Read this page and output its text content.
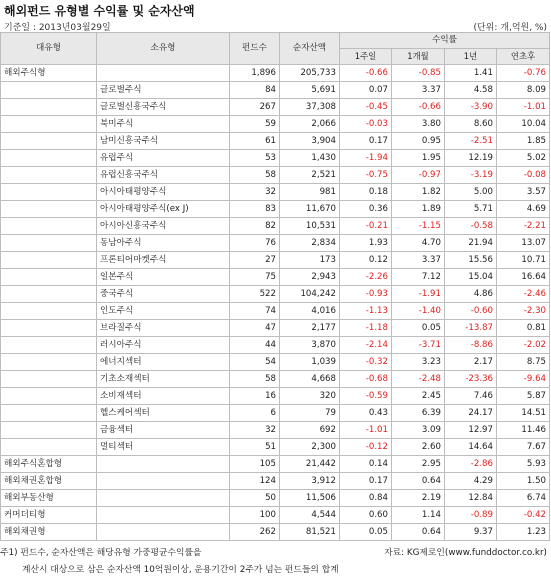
해외펀드 유형별 수익률 및 순자산액
기준일 : 2013년03월29일	(단위: 개,억원, %)
대유형	소유형	펀드수	순자산액	수익률			
				1주일	1개월	1년	연초후
해외주식형		1,896	205,733	-0.66	-0.85	1.41	-0.76
	글로벌주식	84	5,691	0.07	3.37	4.58	8.09
	글로벌신흥국주식	267	37,308	-0.45	-0.66	-3.90	-1.01
	북미주식	59	2,066	-0.03	3.80	8.60	10.04
	남미신흥국주식	61	3,904	0.17	0.95	-2.51	1.85
	유럽주식	53	1,430	-1.94	1.95	12.19	5.02
	유럽신흥국주식	58	2,521	-0.75	-0.97	-3.19	-0.08
	아시아태평양주식	32	981	0.18	1.82	5.00	3.57
	아시아태평양주식(ex J)	83	11,670	0.36	1.89	5.71	4.69
	아시아신흥국주식	82	10,531	-0.21	-1.15	-0.58	-2.21
	동남아주식	76	2,834	1.93	4.70	21.94	13.07
	프론티어마켓주식	27	173	0.12	3.37	15.56	10.71
	일본주식	75	2,943	-2.26	7.12	15.04	16.64
	중국주식	522	104,242	-0.93	-1.91	4.86	-2.46
	인도주식	74	4,016	-1.13	-1.40	-0.60	-2.30
	브라질주식	47	2,177	-1.18	0.05	-13.87	0.81
	러시아주식	44	3,870	-2.14	-3.71	-8.86	-2.02
	에너지섹터	54	1,039	-0.32	3.23	2.17	8.75
	기초소재섹터	58	4,668	-0.68	-2.48	-23.36	-9.64
	소비재섹터	16	320	-0.59	2.45	7.46	5.87
	헬스케어섹터	6	79	0.43	6.39	24.17	14.51
	금융섹터	32	692	-1.01	3.09	12.97	11.46
	멀티섹터	51	2,300	-0.12	2.60	14.64	7.67
해외주식혼합형		105	21,442	0.14	2.95	-2.86	5.93
해외채권혼합형		124	3,912	0.17	0.64	4.29	1.50
해외부동산형		50	11,506	0.84	2.19	12.84	6.74
커머더티형		100	4,544	0.60	1.14	-0.89	-0.42
해외채권형		262	81,521	0.05	0.64	9.37	1.23
주1) 펀드수, 순자산액은 해당유형 가중평균수익률을	자료: KG제로인(www.funddoctor.co.kr)
계산시 대상으로 삼은 순자산액 10억원이상, 운용기간이 2주가 넘는 펀드들의 합계
